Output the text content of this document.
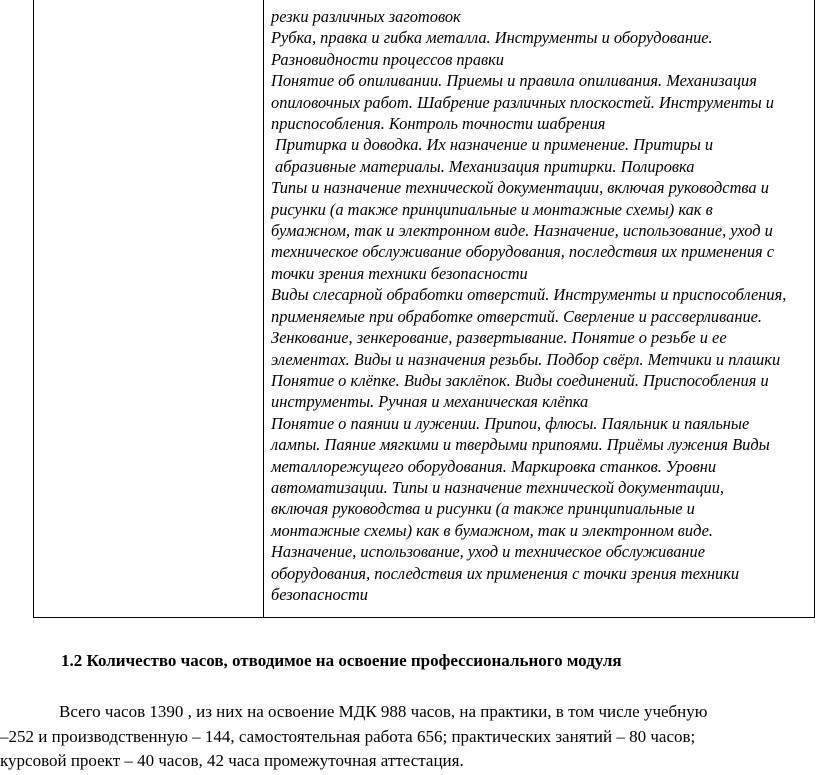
резки различных заготовок
Рубка, правка и гибка металла. Инструменты и оборудование.
Разновидности процессов правки
Понятие об опиливании. Приемы и правила опиливания. Механизация
опиловочных работ. Шабрение различных плоскостей. Инструменты и
приспособления. Контроль точности шабрения
Притирка и доводка. Их назначение и применение. Притиры и
абразивные материалы. Механизация притирки. Полировка
Типы и назначение технической документации, включая руководства и
рисунки (а также принципиальные и монтажные схемы) как в
бумажном, так и электронном виде. Назначение, использование, уход и
техническое обслуживание оборудования, последствия их применения с
точки зрения техники безопасности
Виды слесарной обработки отверстий. Инструменты и приспособления,
применяемые при обработке отверстий. Сверление и рассверливание.
Зенкование, зенкерование, развертывание. Понятие о резьбе и ее
элементах. Виды и назначения резьбы. Подбор свёрл. Метчики и плашки
Понятие о клёпке. Виды заклёпок. Виды соединений. Приспособления и
инструменты. Ручная и механическая клёпка
Понятие о паянии и лужении. Припои, флюсы. Паяльник и паяльные
лампы. Паяние мягкими и твердыми припоями. Приёмы лужения Виды
металлорежущего оборудования. Маркировка станков. Уровни
автоматизации. Типы и назначение технической документации,
включая руководства и рисунки (а также принципиальные и
монтажные схемы) как в бумажном, так и электронном виде.
Назначение, использование, уход и техническое обслуживание
оборудования, последствия их применения с точки зрения техники
безопасности
1.2 Количество часов, отводимое на освоение профессионального модуля
Всего часов 1390 , из них на освоение МДК 988 часов, на практики, в том числе учебную
–252 и производственную – 144, самостоятельная работа 656; практических занятий – 80 часов;
курсовой проект – 40 часов, 42 часа промежуточная аттестация.
